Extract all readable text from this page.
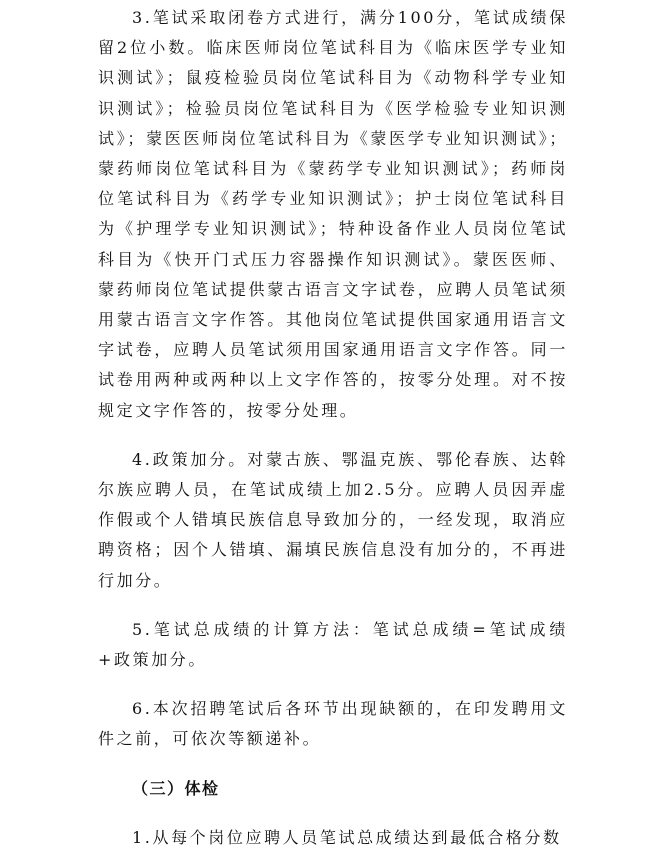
3.笔试采取闭卷方式进行，满分100分，笔试成绩保留2位小数。临床医师岗位笔试科目为《临床医学专业知识测试》；鼠疫检验员岗位笔试科目为《动物科学专业知识测试》；检验员岗位笔试科目为《医学检验专业知识测试》；蒙医医师岗位笔试科目为《蒙医学专业知识测试》；蒙药师岗位笔试科目为《蒙药学专业知识测试》；药师岗位笔试科目为《药学专业知识测试》；护士岗位笔试科目为《护理学专业知识测试》；特种设备作业人员岗位笔试科目为《快开门式压力容器操作知识测试》。蒙医医师、蒙药师岗位笔试提供蒙古语言文字试卷，应聘人员笔试须用蒙古语言文字作答。其他岗位笔试提供国家通用语言文字试卷，应聘人员笔试须用国家通用语言文字作答。同一试卷用两种或两种以上文字作答的，按零分处理。对不按规定文字作答的，按零分处理。

4.政策加分。对蒙古族、鄂温克族、鄂伦春族、达斡尔族应聘人员，在笔试成绩上加2.5分。应聘人员因弄虚作假或个人错填民族信息导致加分的，一经发现，取消应聘资格；因个人错填、漏填民族信息没有加分的，不再进行加分。

5.笔试总成绩的计算方法：笔试总成绩=笔试成绩+政策加分。

6.本次招聘笔试后各环节出现缺额的，在印发聘用文件之前，可依次等额递补。

（三）体检

1.从每个岗位应聘人员笔试总成绩达到最低合格分数
